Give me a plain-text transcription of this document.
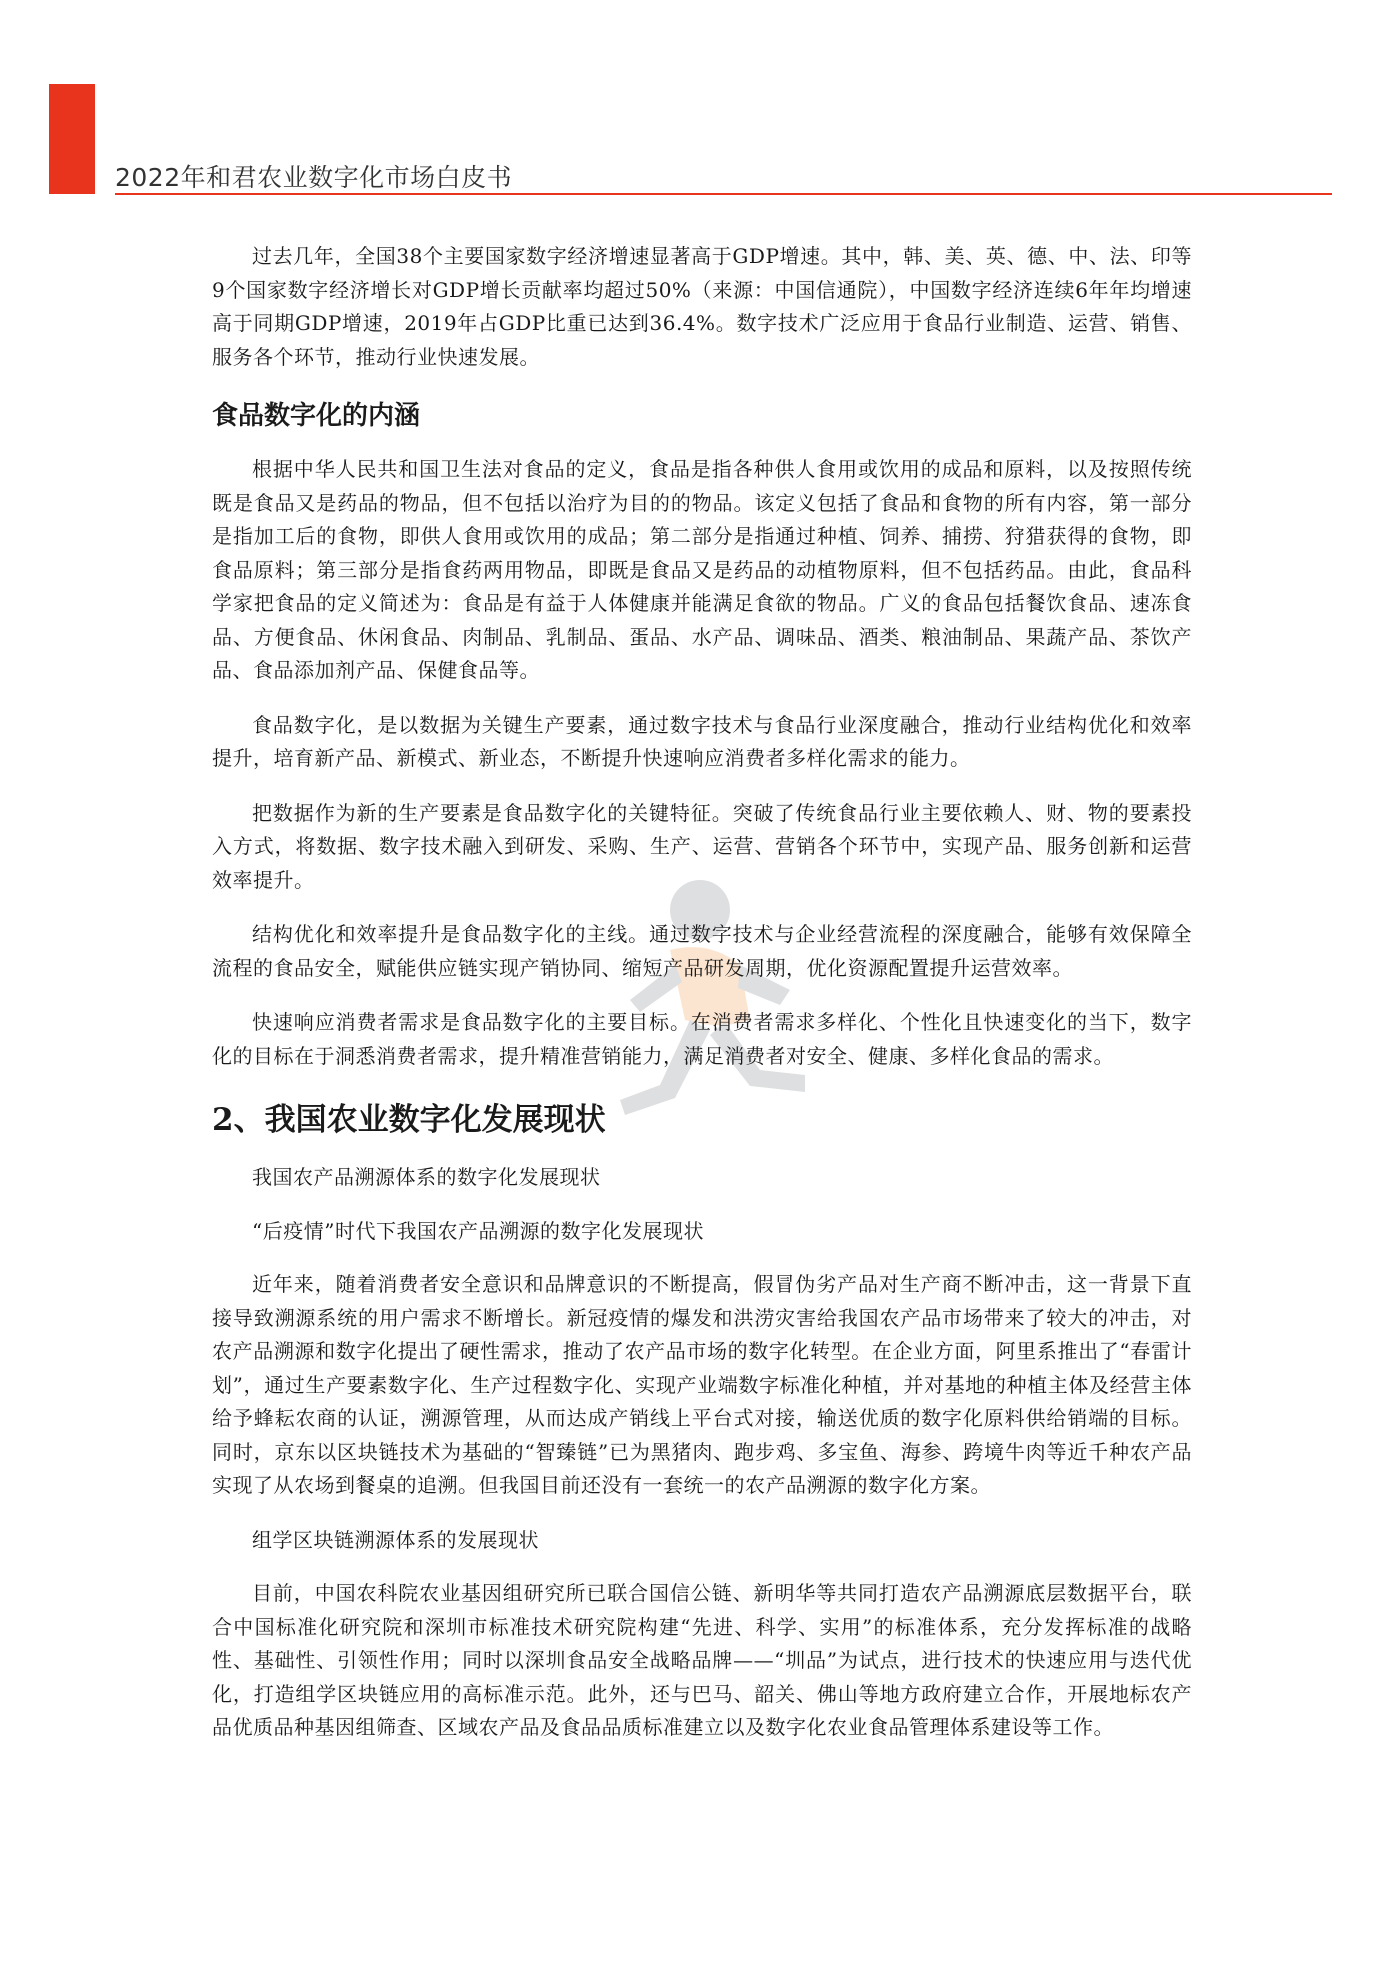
2022年和君农业数字化市场白皮书

过去几年，全国38个主要国家数字经济增速显著高于GDP增速。其中，韩、美、英、德、中、法、印等9个国家数字经济增长对GDP增长贡献率均超过50%（来源：中国信通院），中国数字经济连续6年年均增速高于同期GDP增速，2019年占GDP比重已达到36.4%。数字技术广泛应用于食品行业制造、运营、销售、服务各个环节，推动行业快速发展。

食品数字化的内涵

根据中华人民共和国卫生法对食品的定义，食品是指各种供人食用或饮用的成品和原料，以及按照传统既是食品又是药品的物品，但不包括以治疗为目的的物品。该定义包括了食品和食物的所有内容，第一部分是指加工后的食物，即供人食用或饮用的成品；第二部分是指通过种植、饲养、捕捞、狩猎获得的食物，即食品原料；第三部分是指食药两用物品，即既是食品又是药品的动植物原料，但不包括药品。由此，食品科学家把食品的定义简述为：食品是有益于人体健康并能满足食欲的物品。广义的食品包括餐饮食品、速冻食品、方便食品、休闲食品、肉制品、乳制品、蛋品、水产品、调味品、酒类、粮油制品、果蔬产品、茶饮产品、食品添加剂产品、保健食品等。

食品数字化，是以数据为关键生产要素，通过数字技术与食品行业深度融合，推动行业结构优化和效率提升，培育新产品、新模式、新业态，不断提升快速响应消费者多样化需求的能力。

把数据作为新的生产要素是食品数字化的关键特征。突破了传统食品行业主要依赖人、财、物的要素投入方式，将数据、数字技术融入到研发、采购、生产、运营、营销各个环节中，实现产品、服务创新和运营效率提升。

结构优化和效率提升是食品数字化的主线。通过数字技术与企业经营流程的深度融合，能够有效保障全流程的食品安全，赋能供应链实现产销协同、缩短产品研发周期，优化资源配置提升运营效率。

快速响应消费者需求是食品数字化的主要目标。在消费者需求多样化、个性化且快速变化的当下，数字化的目标在于洞悉消费者需求，提升精准营销能力，满足消费者对安全、健康、多样化食品的需求。

2、我国农业数字化发展现状

我国农产品溯源体系的数字化发展现状

“后疫情”时代下我国农产品溯源的数字化发展现状

近年来，随着消费者安全意识和品牌意识的不断提高，假冒伪劣产品对生产商不断冲击，这一背景下直接导致溯源系统的用户需求不断增长。新冠疫情的爆发和洪涝灾害给我国农产品市场带来了较大的冲击，对农产品溯源和数字化提出了硬性需求，推动了农产品市场的数字化转型。在企业方面，阿里系推出了“春雷计划”，通过生产要素数字化、生产过程数字化、实现产业端数字标准化种植，并对基地的种植主体及经营主体给予蜂耘农商的认证，溯源管理，从而达成产销线上平台式对接，输送优质的数字化原料供给销端的目标。同时，京东以区块链技术为基础的“智臻链”已为黑猪肉、跑步鸡、多宝鱼、海参、跨境牛肉等近千种农产品实现了从农场到餐桌的追溯。但我国目前还没有一套统一的农产品溯源的数字化方案。

组学区块链溯源体系的发展现状

目前，中国农科院农业基因组研究所已联合国信公链、新明华等共同打造农产品溯源底层数据平台，联合中国标准化研究院和深圳市标准技术研究院构建“先进、科学、实用”的标准体系，充分发挥标准的战略性、基础性、引领性作用；同时以深圳食品安全战略品牌——“圳品”为试点，进行技术的快速应用与迭代优化，打造组学区块链应用的高标准示范。此外，还与巴马、韶关、佛山等地方政府建立合作，开展地标农产品优质品种基因组筛查、区域农产品及食品品质标准建立以及数字化农业食品管理体系建设等工作。
